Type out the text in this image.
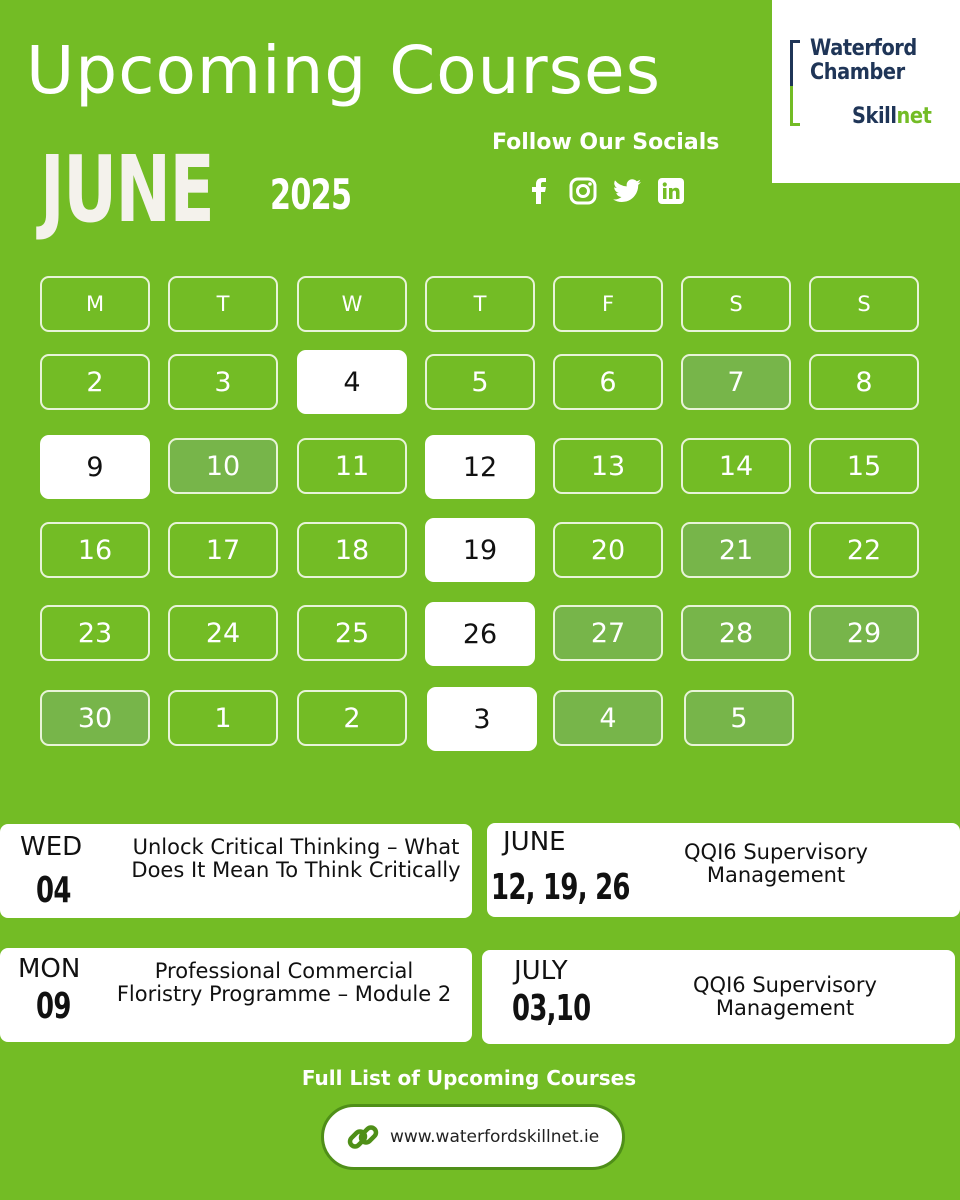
Upcoming Courses
JUNE 2025
Follow Our Socials
Waterford
Chamber
Skillnet
M	T	W	T	F	S	S
2	3	4	5	6	7	8
9	10	11	12	13	14	15
16	17	18	19	20	21	22
23	24	25	26	27	28	29
30	1	2	3	4	5
WED
04
Unlock Critical Thinking – What Does It Mean To Think Critically
JUNE
12, 19, 26
QQI6 Supervisory Management
MON
09
Professional Commercial Floristry Programme – Module 2
JULY
03,10
QQI6 Supervisory Management
Full List of Upcoming Courses
www.waterfordskillnet.ie
